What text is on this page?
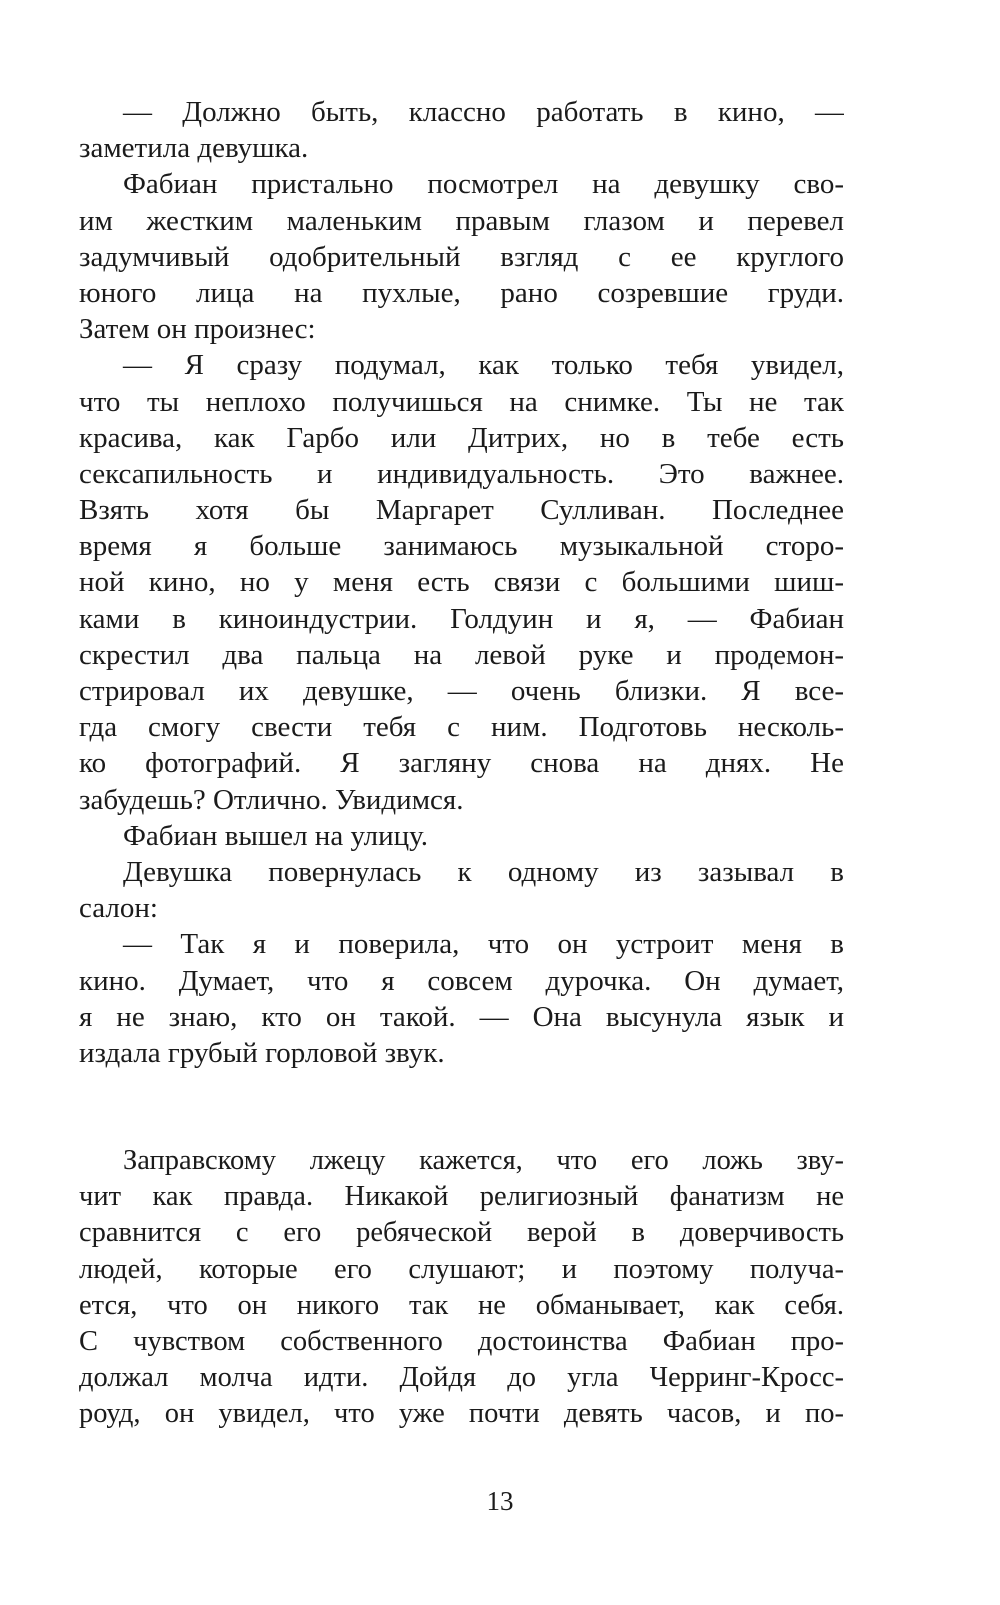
— Должно быть, классно работать в кино, —
заметила девушка.
Фабиан пристально посмотрел на девушку сво-
им жестким маленьким правым глазом и перевел
задумчивый одобрительный взгляд с ее круглого
юного лица на пухлые, рано созревшие груди.
Затем он произнес:
— Я сразу подумал, как только тебя увидел,
что ты неплохо получишься на снимке. Ты не так
красива, как Гарбо или Дитрих, но в тебе есть
сексапильность и индивидуальность. Это важнее.
Взять хотя бы Маргарет Сулливан. Последнее
время я больше занимаюсь музыкальной сторо-
ной кино, но у меня есть связи с большими шиш-
ками в киноиндустрии. Голдуин и я, — Фабиан
скрестил два пальца на левой руке и продемон-
стрировал их девушке, — очень близки. Я все-
гда смогу свести тебя с ним. Подготовь несколь-
ко фотографий. Я загляну снова на днях. Не
забудешь? Отлично. Увидимся.
Фабиан вышел на улицу.
Девушка повернулась к одному из зазывал в
салон:
— Так я и поверила, что он устроит меня в
кино. Думает, что я совсем дурочка. Он думает,
я не знаю, кто он такой. — Она высунула язык и
издала грубый горловой звук.
Заправскому лжецу кажется, что его ложь зву-
чит как правда. Никакой религиозный фанатизм не
сравнится с его ребяческой верой в доверчивость
людей, которые его слушают; и поэтому получа-
ется, что он никого так не обманывает, как себя.
С чувством собственного достоинства Фабиан про-
должал молча идти. Дойдя до угла Черринг-Кросс-
роуд, он увидел, что уже почти девять часов, и по-
13
